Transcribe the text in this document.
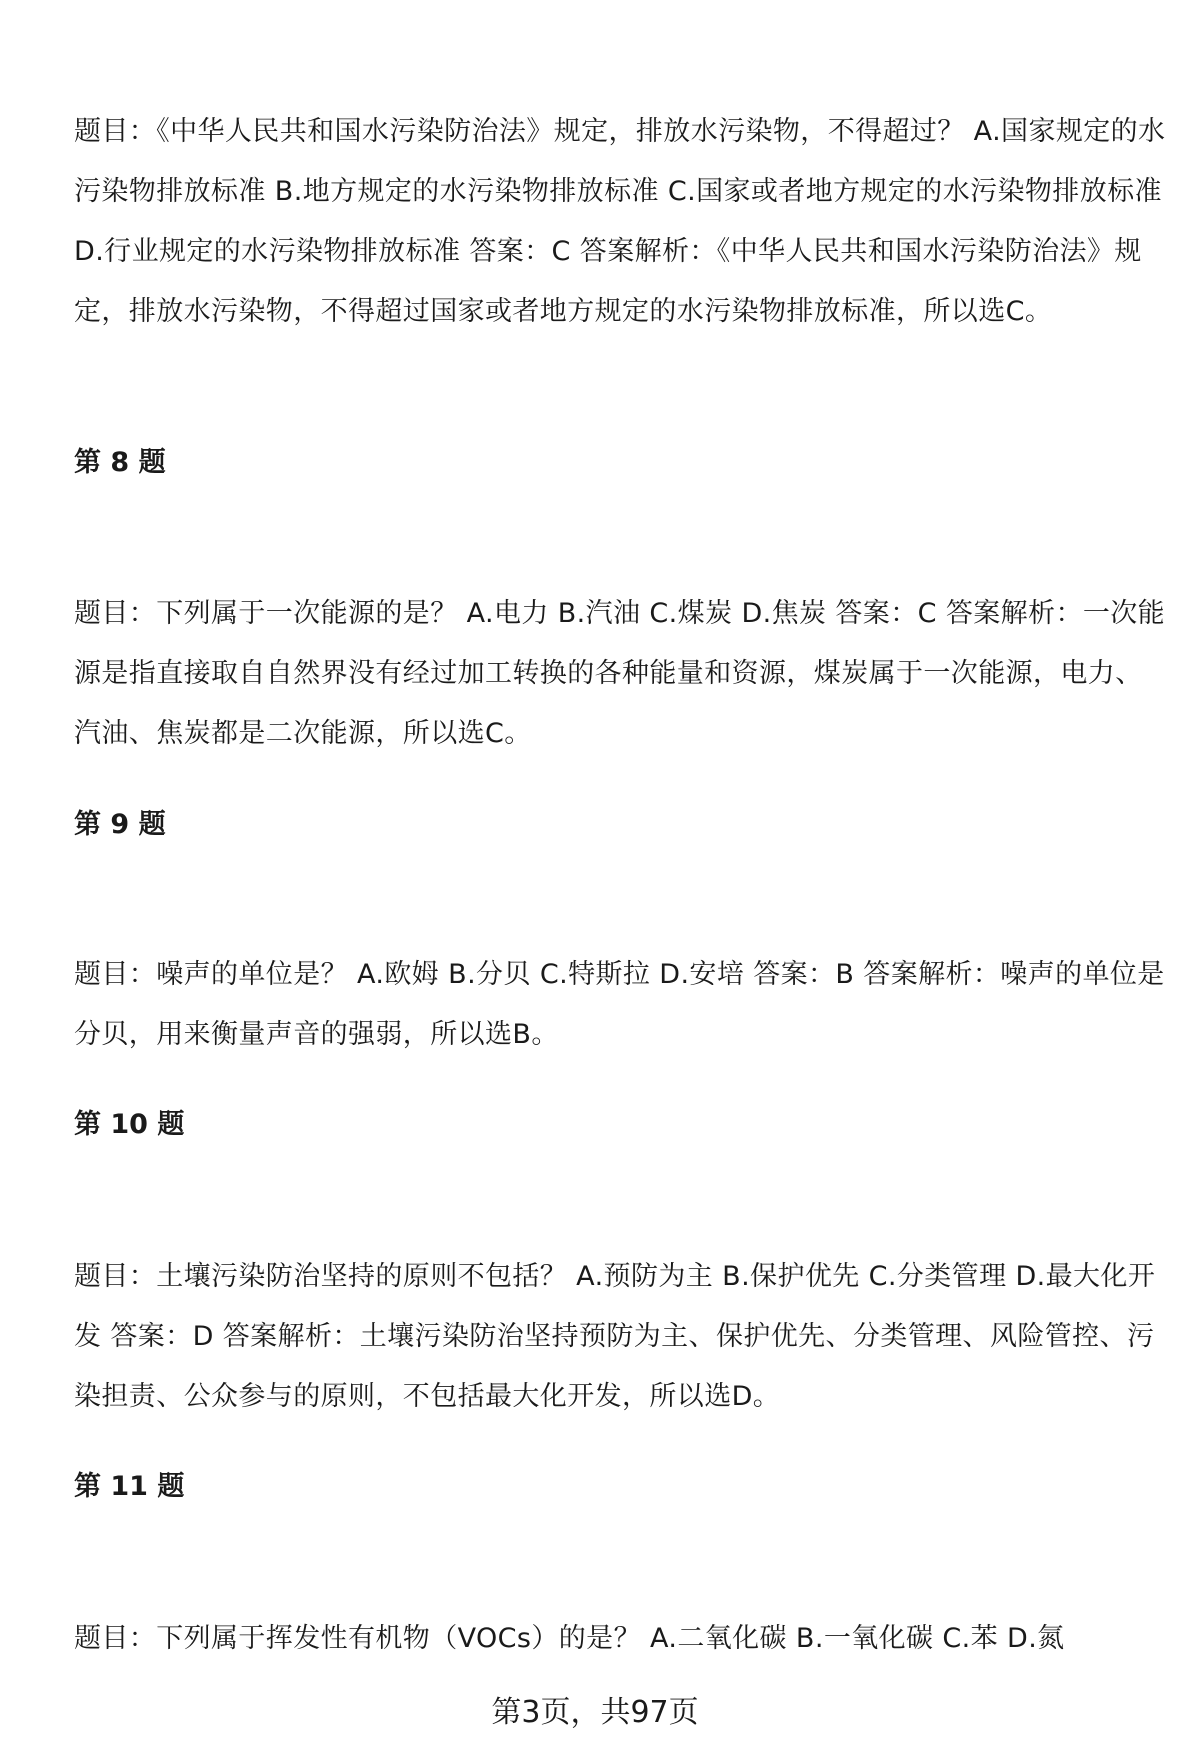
题目：《中华人民共和国水污染防治法》规定，排放水污染物，不得超过？ A.国家规定的水污染物排放标准 B.地方规定的水污染物排放标准 C.国家或者地方规定的水污染物排放标准 D.行业规定的水污染物排放标准 答案：C 答案解析：《中华人民共和国水污染防治法》规定，排放水污染物，不得超过国家或者地方规定的水污染物排放标准，所以选C。

第 8 题

题目：下列属于一次能源的是？ A.电力 B.汽油 C.煤炭 D.焦炭 答案：C 答案解析：一次能源是指直接取自自然界没有经过加工转换的各种能量和资源，煤炭属于一次能源，电力、汽油、焦炭都是二次能源，所以选C。

第 9 题

题目：噪声的单位是？ A.欧姆 B.分贝 C.特斯拉 D.安培 答案：B 答案解析：噪声的单位是分贝，用来衡量声音的强弱，所以选B。

第 10 题

题目：土壤污染防治坚持的原则不包括？ A.预防为主 B.保护优先 C.分类管理 D.最大化开发 答案：D 答案解析：土壤污染防治坚持预防为主、保护优先、分类管理、风险管控、污染担责、公众参与的原则，不包括最大化开发，所以选D。

第 11 题

题目：下列属于挥发性有机物（VOCs）的是？ A.二氧化碳 B.一氧化碳 C.苯 D.氮

第3页，共97页
